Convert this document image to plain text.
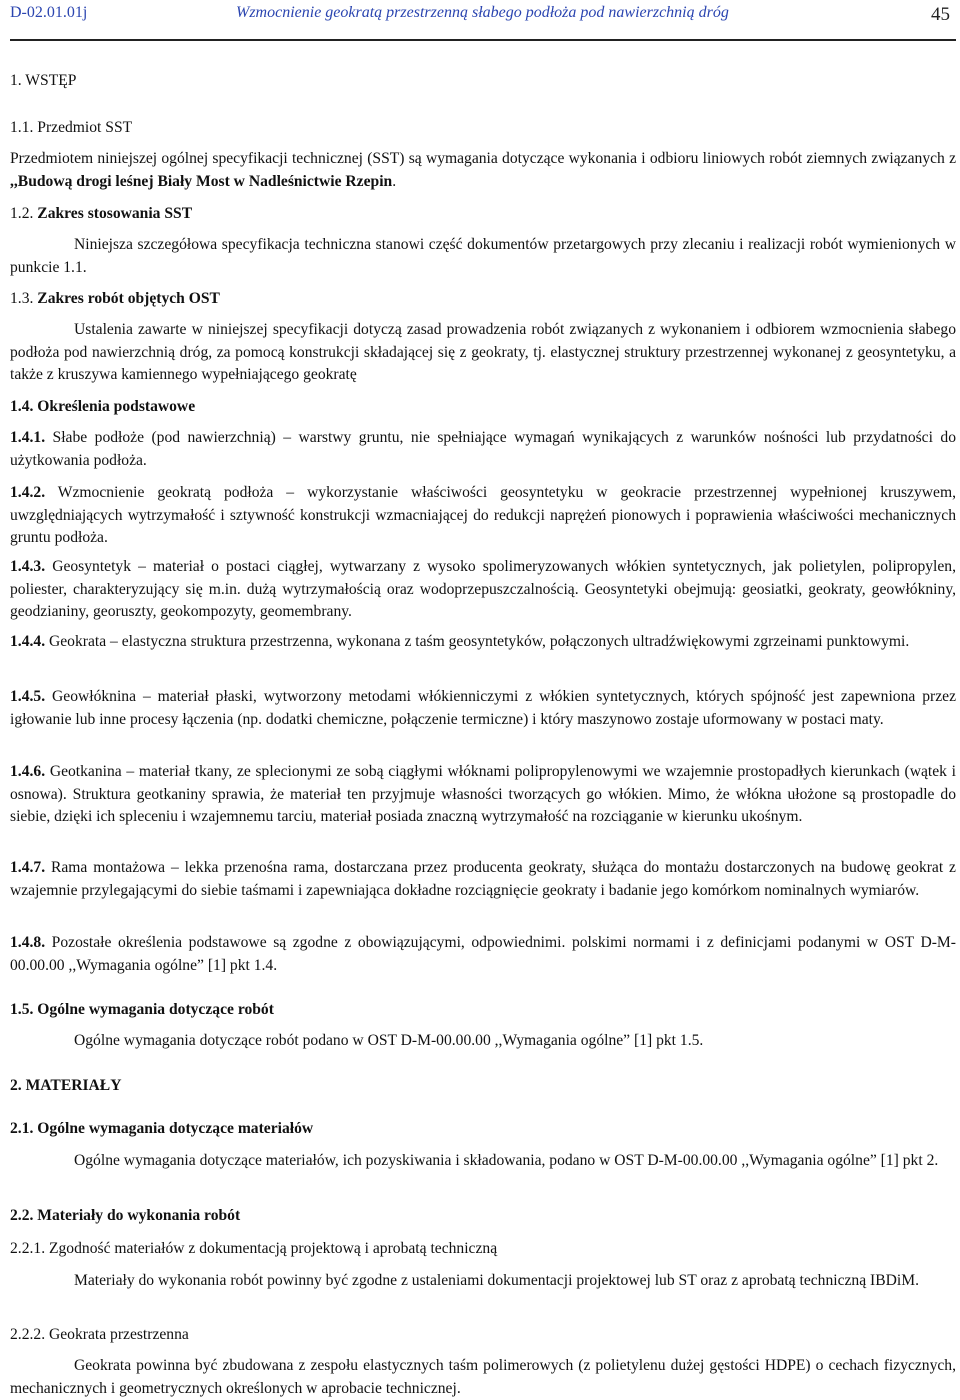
D-02.01.01j	Wzmocnienie geokratą przestrzenną słabego podłoża pod nawierzchnią dróg	45
1. WSTĘP
1.1. Przedmiot SST

Przedmiotem niniejszej ogólnej specyfikacji technicznej (SST) są wymagania dotyczące wykonania i odbioru liniowych robót ziemnych związanych z ,,Budową drogi leśnej Biały Most w Nadleśnictwie Rzepin.

1.2. Zakres stosowania SST

Niniejsza szczegółowa specyfikacja techniczna stanowi część dokumentów przetargowych przy zlecaniu i realizacji robót wymienionych w punkcie 1.1.

1.3. Zakres robót objętych OST

Ustalenia zawarte w niniejszej specyfikacji dotyczą zasad prowadzenia robót związanych z wykonaniem i odbiorem wzmocnienia słabego podłoża pod nawierzchnią dróg, za pomocą konstrukcji składającej się z geokraty, tj. elastycznej struktury przestrzennej wykonanej z geosyntetyku, a także z kruszywa kamiennego wypełniającego geokratę

1.4. Określenia podstawowe

1.4.1. Słabe podłoże (pod nawierzchnią) – warstwy gruntu, nie spełniające wymagań wynikających z warunków nośności lub przydatności do użytkowania podłoża.

1.4.2. Wzmocnienie geokratą podłoża – wykorzystanie właściwości geosyntetyku w geokracie przestrzennej wypełnionej kruszywem, uwzględniających wytrzymałość i sztywność konstrukcji wzmacniającej do redukcji naprężeń pionowych i poprawienia właściwości mechanicznych gruntu podłoża.

1.4.3. Geosyntetyk – materiał o postaci ciągłej, wytwarzany z wysoko spolimeryzowanych włókien syntetycznych, jak polietylen, polipropylen, poliester, charakteryzujący się m.in. dużą wytrzymałością oraz wodoprzepuszczalnością. Geosyntetyki obejmują: geosiatki, geokraty, geowłókniny, geodzianiny, georuszty, geokompozyty, geomembrany.

1.4.4. Geokrata – elastyczna struktura przestrzenna, wykonana z taśm geosyntetyków, połączonych ultradźwiękowymi zgrzeinami punktowymi.

1.4.5. Geowłóknina – materiał płaski, wytworzony metodami włókienniczymi z włókien syntetycznych, których spójność jest zapewniona przez igłowanie lub inne procesy łączenia (np. dodatki chemiczne, połączenie termiczne) i który maszynowo zostaje uformowany w postaci maty.

1.4.6. Geotkanina – materiał tkany, ze splecionymi ze sobą ciągłymi włóknami polipropylenowymi we wzajemnie prostopadłych kierunkach (wątek i osnowa). Struktura geotkaniny sprawia, że materiał ten przyjmuje własności tworzących go włókien. Mimo, że włókna ułożone są prostopadle do siebie, dzięki ich spleceniu i wzajemnemu tarciu, materiał posiada znaczną wytrzymałość na rozciąganie w kierunku ukośnym.

1.4.7. Rama montażowa – lekka przenośna rama, dostarczana przez producenta geokraty, służąca do montażu dostarczonych na budowę geokrat z wzajemnie przylegającymi do siebie taśmami i zapewniająca dokładne rozciągnięcie geokraty i badanie jego komórkom nominalnych wymiarów.

1.4.8. Pozostałe określenia podstawowe są zgodne z obowiązującymi, odpowiednimi. polskimi normami i z definicjami podanymi w OST D-M-00.00.00 ,,Wymagania ogólne” [1] pkt 1.4.

1.5. Ogólne wymagania dotyczące robót

Ogólne wymagania dotyczące robót podano w OST D-M-00.00.00 ,,Wymagania ogólne” [1] pkt 1.5.

2. MATERIAŁY
2.1. Ogólne wymagania dotyczące materiałów

Ogólne wymagania dotyczące materiałów, ich pozyskiwania i składowania, podano w OST D-M-00.00.00 ,,Wymagania ogólne” [1] pkt 2.

2.2. Materiały do wykonania robót
2.2.1. Zgodność materiałów z dokumentacją projektową i aprobatą techniczną

Materiały do wykonania robót powinny być zgodne z ustaleniami dokumentacji projektowej lub ST oraz z aprobatą techniczną IBDiM.

2.2.2. Geokrata przestrzenna

Geokrata powinna być zbudowana z zespołu elastycznych taśm polimerowych (z polietylenu dużej gęstości HDPE) o cechach fizycznych, mechanicznych i geometrycznych określonych w aprobacie technicznej.
